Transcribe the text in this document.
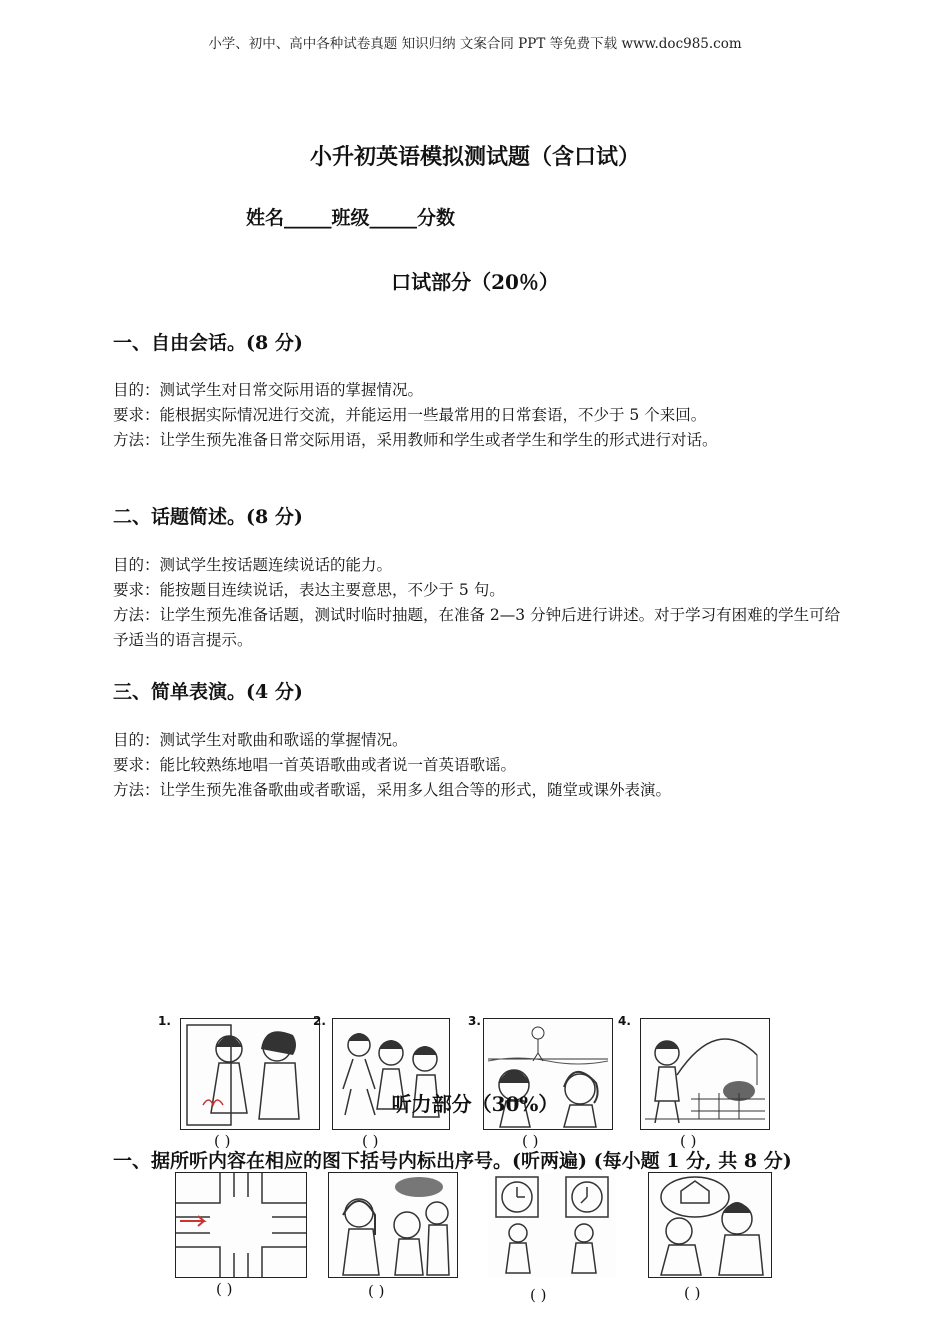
小学、初中、高中各种试卷真题 知识归纳 文案合同 PPT 等免费下载 www.doc985.com
小升初英语模拟测试题（含口试）
姓名_____班级_____分数
口试部分（20％）
一、自由会话。(8 分)

目的：测试学生对日常交际用语的掌握情况。

要求：能根据实际情况进行交流，并能运用一些最常用的日常套语，不少于 5 个来回。

方法：让学生预先准备日常交际用语，采用教师和学生或者学生和学生的形式进行对话。

二、话题简述。(8 分)

目的：测试学生按话题连续说话的能力。

要求：能按题目连续说话，表达主要意思，不少于 5 句。

方法：让学生预先准备话题，测试时临时抽题，在准备 2—3 分钟后进行讲述。对于学习有困难的学生可给予适当的语言提示。

三、简单表演。(4 分)

目的：测试学生对歌曲和歌谣的掌握情况。

要求：能比较熟练地唱一首英语歌曲或者说一首英语歌谣。

方法：让学生预先准备歌曲或者歌谣，采用多人组合等的形式，随堂或课外表演。

1.	2.	3.	4.
( )	( )	( )	( )
听力部分（30%）
一、据所听内容在相应的图下括号内标出序号。(听两遍) (每小题 1 分, 共 8 分)
( )	( )	( )	( )
